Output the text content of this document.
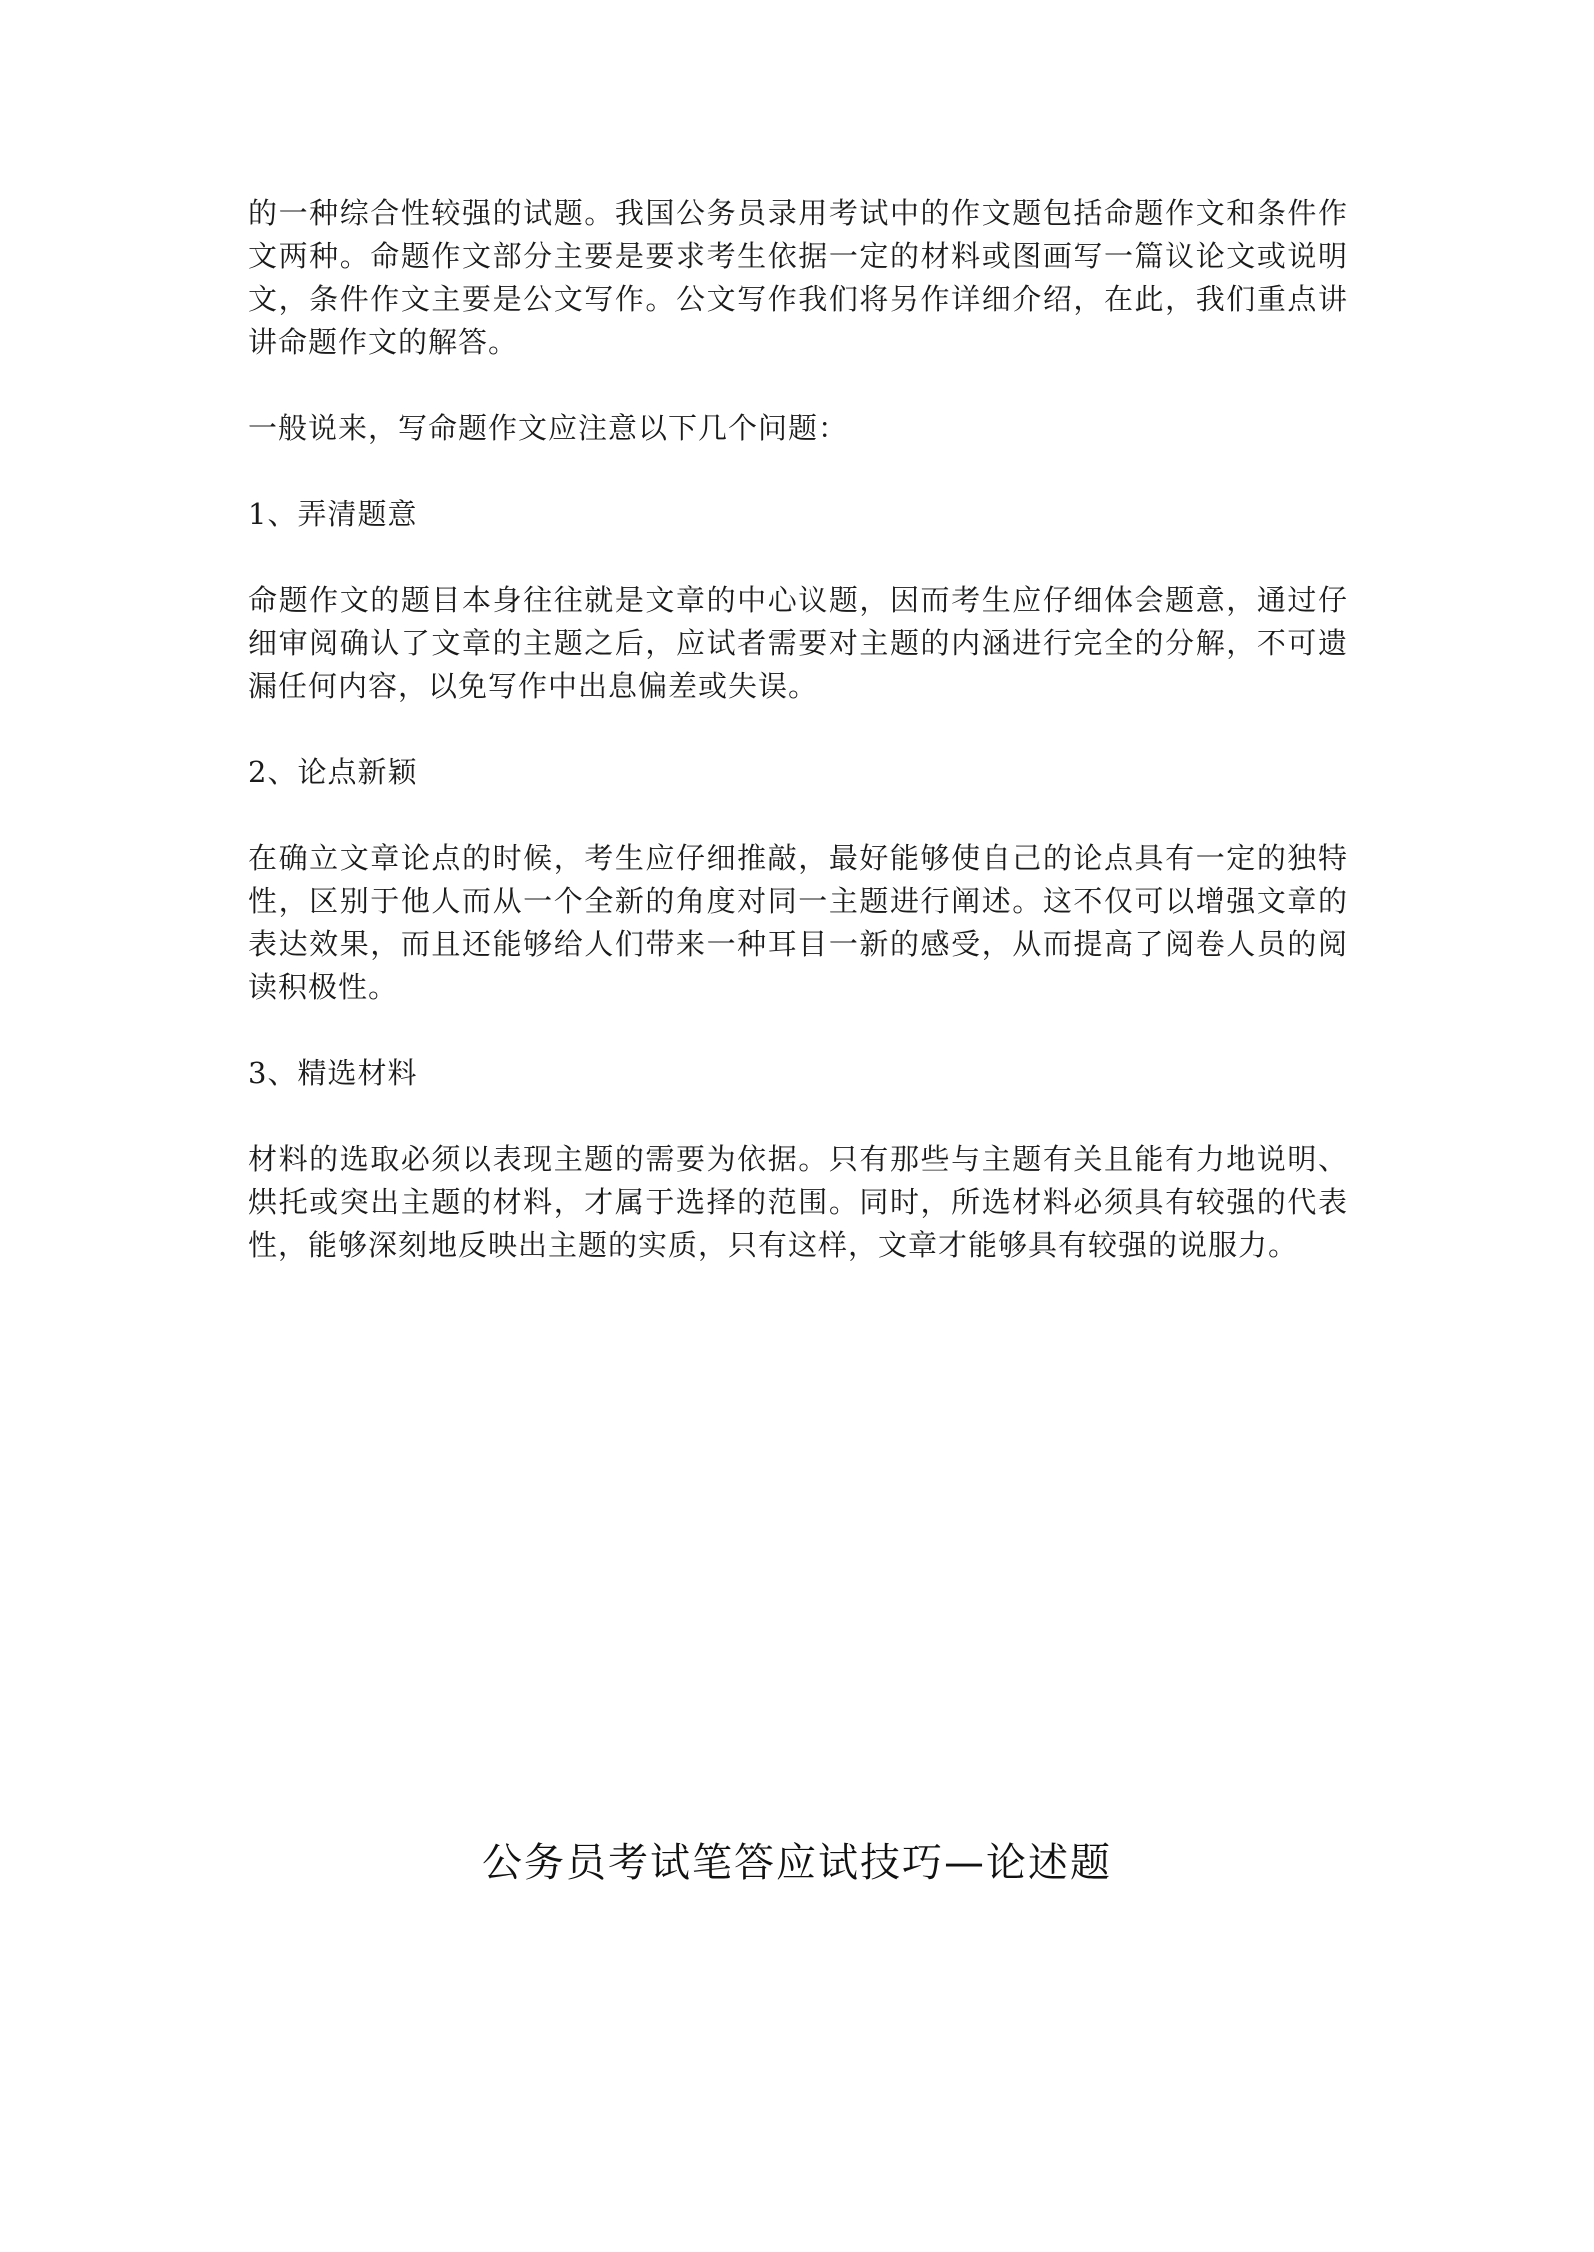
的一种综合性较强的试题。我国公务员录用考试中的作文题包括命题作文和条件作文两种。命题作文部分主要是要求考生依据一定的材料或图画写一篇议论文或说明文，条件作文主要是公文写作。公文写作我们将另作详细介绍，在此，我们重点讲讲命题作文的解答。

一般说来，写命题作文应注意以下几个问题：

1、弄清题意

命题作文的题目本身往往就是文章的中心议题，因而考生应仔细体会题意，通过仔细审阅确认了文章的主题之后，应试者需要对主题的内涵进行完全的分解，不可遗漏任何内容，以免写作中出息偏差或失误。

2、论点新颖

在确立文章论点的时候，考生应仔细推敲，最好能够使自己的论点具有一定的独特性，区别于他人而从一个全新的角度对同一主题进行阐述。这不仅可以增强文章的表达效果，而且还能够给人们带来一种耳目一新的感受，从而提高了阅卷人员的阅读积极性。

3、精选材料

材料的选取必须以表现主题的需要为依据。只有那些与主题有关且能有力地说明、烘托或突出主题的材料，才属于选择的范围。同时，所选材料必须具有较强的代表性，能够深刻地反映出主题的实质，只有这样，文章才能够具有较强的说服力。

公务员考试笔答应试技巧—论述题
